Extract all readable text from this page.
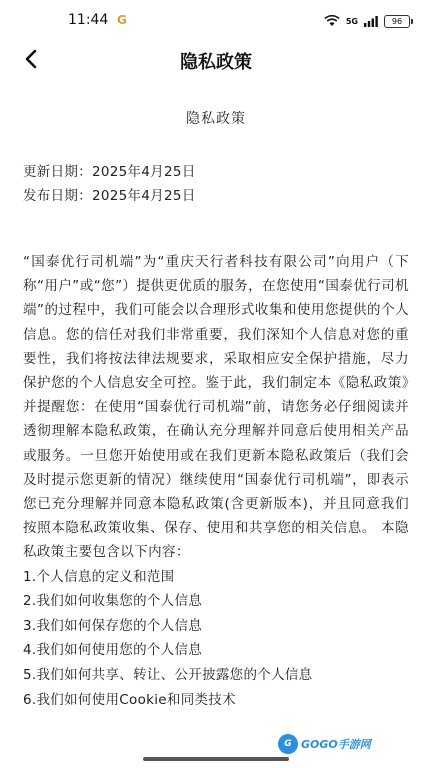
11:44 G	5G	96
隐私政策
隐私政策
更新日期：2025年4月25日
发布日期：2025年4月25日
“国泰优行司机端”为“重庆天行者科技有限公司”向用户（下称“用户”或“您”）提供更优质的服务，在您使用“国泰优行司机端”的过程中，我们可能会以合理形式收集和使用您提供的个人信息。您的信任对我们非常重要，我们深知个人信息对您的重要性，我们将按法律法规要求，采取相应安全保护措施，尽力保护您的个人信息安全可控。鉴于此，我们制定本《隐私政策》并提醒您：在使用“国泰优行司机端”前，请您务必仔细阅读并透彻理解本隐私政策，在确认充分理解并同意后使用相关产品或服务。一旦您开始使用或在我们更新本隐私政策后（我们会及时提示您更新的情况）继续使用“国泰优行司机端”，即表示您已充分理解并同意本隐私政策(含更新版本)，并且同意我们按照本隐私政策收集、保存、使用和共享您的相关信息。 本隐私政策主要包含以下内容：
1.个人信息的定义和范围
2.我们如何收集您的个人信息
3.我们如何保存您的个人信息
4.我们如何使用您的个人信息
5.我们如何共享、转让、公开披露您的个人信息
6.我们如何使用Cookie和同类技术
G GOGO手游网
